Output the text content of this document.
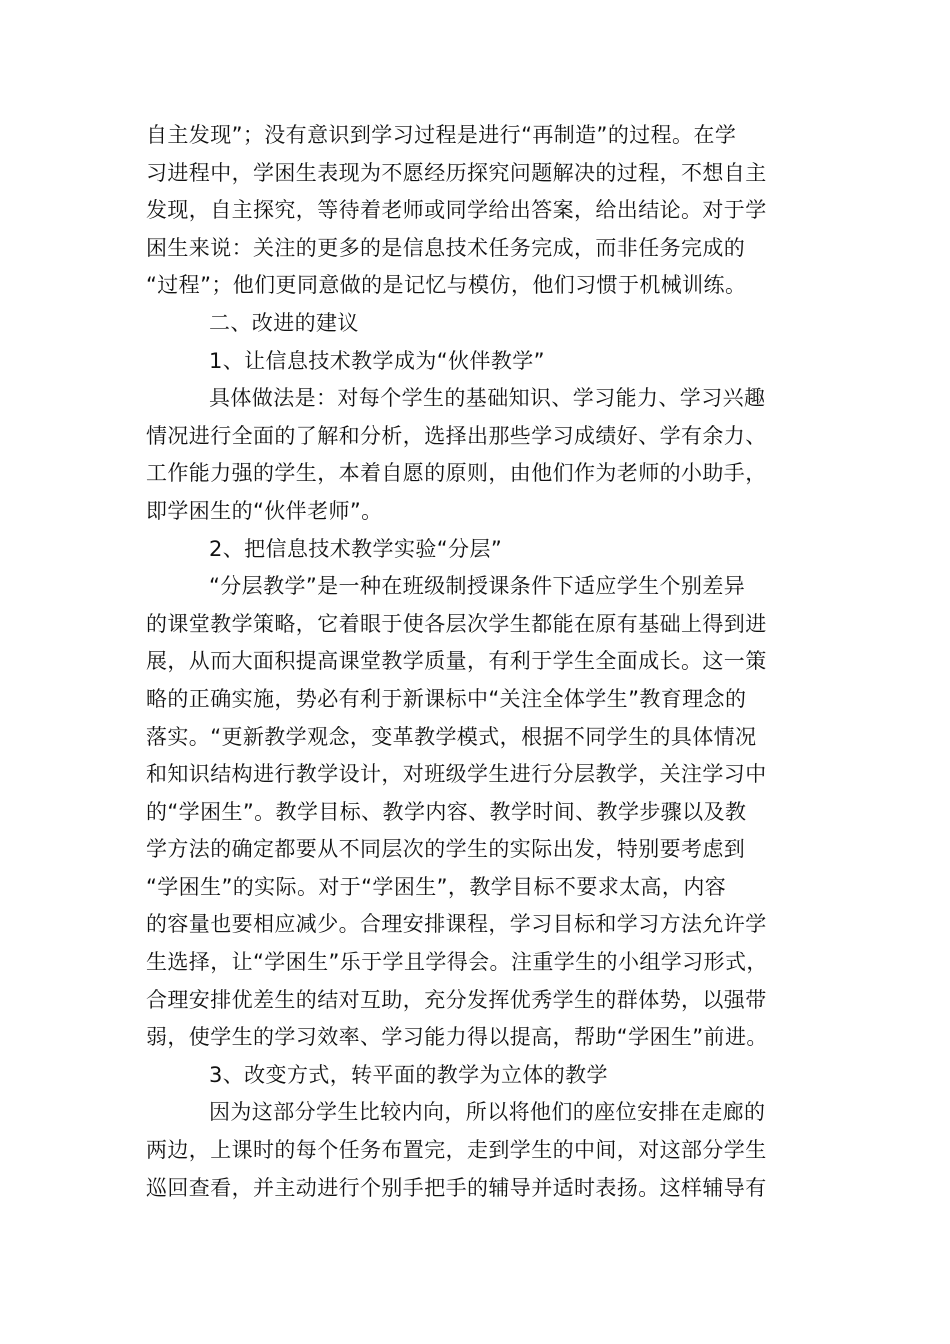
自主发现”；没有意识到学习过程是进行“再制造”的过程。在学
习进程中，学困生表现为不愿经历探究问题解决的过程，不想自主
发现，自主探究，等待着老师或同学给出答案，给出结论。对于学
困生来说：关注的更多的是信息技术任务完成，而非任务完成的
“过程”；他们更同意做的是记忆与模仿，他们习惯于机械训练。
二、改进的建议
1、让信息技术教学成为“伙伴教学”
具体做法是：对每个学生的基础知识、学习能力、学习兴趣
情况进行全面的了解和分析，选择出那些学习成绩好、学有余力、
工作能力强的学生，本着自愿的原则，由他们作为老师的小助手，
即学困生的“伙伴老师”。
2、把信息技术教学实验“分层”
“分层教学”是一种在班级制授课条件下适应学生个别差异
的课堂教学策略，它着眼于使各层次学生都能在原有基础上得到进
展，从而大面积提高课堂教学质量，有利于学生全面成长。这一策
略的正确实施，势必有利于新课标中“关注全体学生”教育理念的
落实。“更新教学观念，变革教学模式，根据不同学生的具体情况
和知识结构进行教学设计，对班级学生进行分层教学，关注学习中
的“学困生”。教学目标、教学内容、教学时间、教学步骤以及教
学方法的确定都要从不同层次的学生的实际出发，特别要考虑到
“学困生”的实际。对于“学困生”，教学目标不要求太高，内容
的容量也要相应减少。合理安排课程，学习目标和学习方法允许学
生选择，让“学困生”乐于学且学得会。注重学生的小组学习形式，
合理安排优差生的结对互助，充分发挥优秀学生的群体势，以强带
弱，使学生的学习效率、学习能力得以提高，帮助“学困生”前进。
3、改变方式，转平面的教学为立体的教学
因为这部分学生比较内向，所以将他们的座位安排在走廊的
两边，上课时的每个任务布置完，走到学生的中间，对这部分学生
巡回查看，并主动进行个别手把手的辅导并适时表扬。这样辅导有
